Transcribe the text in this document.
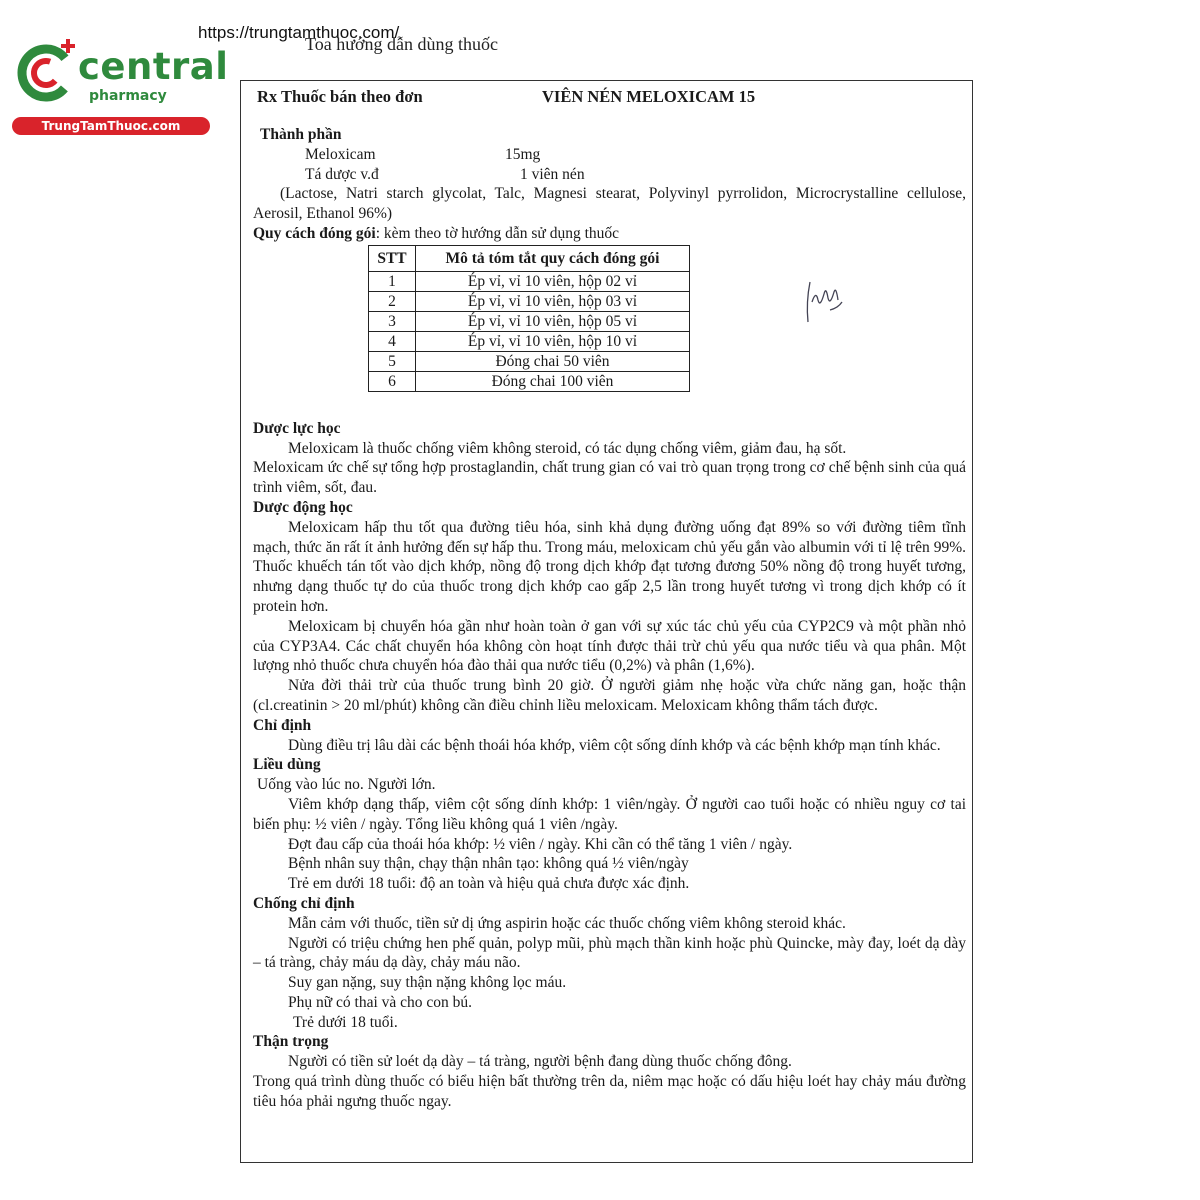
central
pharmacy
TrungTamThuoc.com
https://trungtamthuoc.com/
Toa hướng dẫn dùng thuốc
Rx Thuốc bán theo đơn	VIÊN NÉN MELOXICAM 15

Thành phần

Meloxicam	15mg
Tá dược v.đ	1 viên nén

(Lactose, Natri starch glycolat, Talc, Magnesi stearat, Polyvinyl pyrrolidon, Microcrystalline cellulose, Aerosil, Ethanol 96%)

Quy cách đóng gói: kèm theo tờ hướng dẫn sử dụng thuốc

STT	Mô tả tóm tắt quy cách đóng gói
1	Ép vỉ, vỉ 10 viên, hộp 02 vỉ
2	Ép vỉ, vỉ 10 viên, hộp 03 vỉ
3	Ép vỉ, vỉ 10 viên, hộp 05 vỉ
4	Ép vỉ, vỉ 10 viên, hộp 10 vỉ
5	Đóng chai 50 viên
6	Đóng chai 100 viên

Dược lực học

Meloxicam là thuốc chống viêm không steroid, có tác dụng chống viêm, giảm đau, hạ sốt.

Meloxicam ức chế sự tổng hợp prostaglandin, chất trung gian có vai trò quan trọng trong cơ chế bệnh sinh của quá trình viêm, sốt, đau.

Dược động học

Meloxicam hấp thu tốt qua đường tiêu hóa, sinh khả dụng đường uống đạt 89% so với đường tiêm tĩnh mạch, thức ăn rất ít ảnh hưởng đến sự hấp thu. Trong máu, meloxicam chủ yếu gắn vào albumin với tỉ lệ trên 99%. Thuốc khuếch tán tốt vào dịch khớp, nồng độ trong dịch khớp đạt tương đương 50% nồng độ trong huyết tương, nhưng dạng thuốc tự do của thuốc trong dịch khớp cao gấp 2,5 lần trong huyết tương vì trong dịch khớp có ít protein hơn.

Meloxicam bị chuyển hóa gần như hoàn toàn ở gan với sự xúc tác chủ yếu của CYP2C9 và một phần nhỏ của CYP3A4. Các chất chuyển hóa không còn hoạt tính được thải trừ chủ yếu qua nước tiểu và qua phân. Một lượng nhỏ thuốc chưa chuyển hóa đào thải qua nước tiểu (0,2%) và phân (1,6%).

Nửa đời thải trừ của thuốc trung bình 20 giờ. Ở người giảm nhẹ hoặc vừa chức năng gan, hoặc thận (cl.creatinin > 20 ml/phút) không cần điều chỉnh liều meloxicam. Meloxicam không thẩm tách được.

Chỉ định

Dùng điều trị lâu dài các bệnh thoái hóa khớp, viêm cột sống dính khớp và các bệnh khớp mạn tính khác.

Liều dùng

Uống vào lúc no. Người lớn.

Viêm khớp dạng thấp, viêm cột sống dính khớp: 1 viên/ngày. Ở người cao tuổi hoặc có nhiều nguy cơ tai biến phụ: ½ viên / ngày. Tổng liều không quá 1 viên /ngày.

Đợt đau cấp của thoái hóa khớp: ½ viên / ngày. Khi cần có thể tăng 1 viên / ngày.

Bệnh nhân suy thận, chạy thận nhân tạo: không quá ½ viên/ngày

Trẻ em dưới 18 tuổi: độ an toàn và hiệu quả chưa được xác định.

Chống chỉ định

Mẫn cảm với thuốc, tiền sử dị ứng aspirin hoặc các thuốc chống viêm không steroid khác.

Người có triệu chứng hen phế quản, polyp mũi, phù mạch thần kinh hoặc phù Quincke, mày đay, loét dạ dày – tá tràng, chảy máu dạ dày, chảy máu não.

Suy gan nặng, suy thận nặng không lọc máu.

Phụ nữ có thai và cho con bú.

Trẻ dưới 18 tuổi.

Thận trọng

Người có tiền sử loét dạ dày – tá tràng, người bệnh đang dùng thuốc chống đông.

Trong quá trình dùng thuốc có biểu hiện bất thường trên da, niêm mạc hoặc có dấu hiệu loét hay chảy máu đường tiêu hóa phải ngưng thuốc ngay.
